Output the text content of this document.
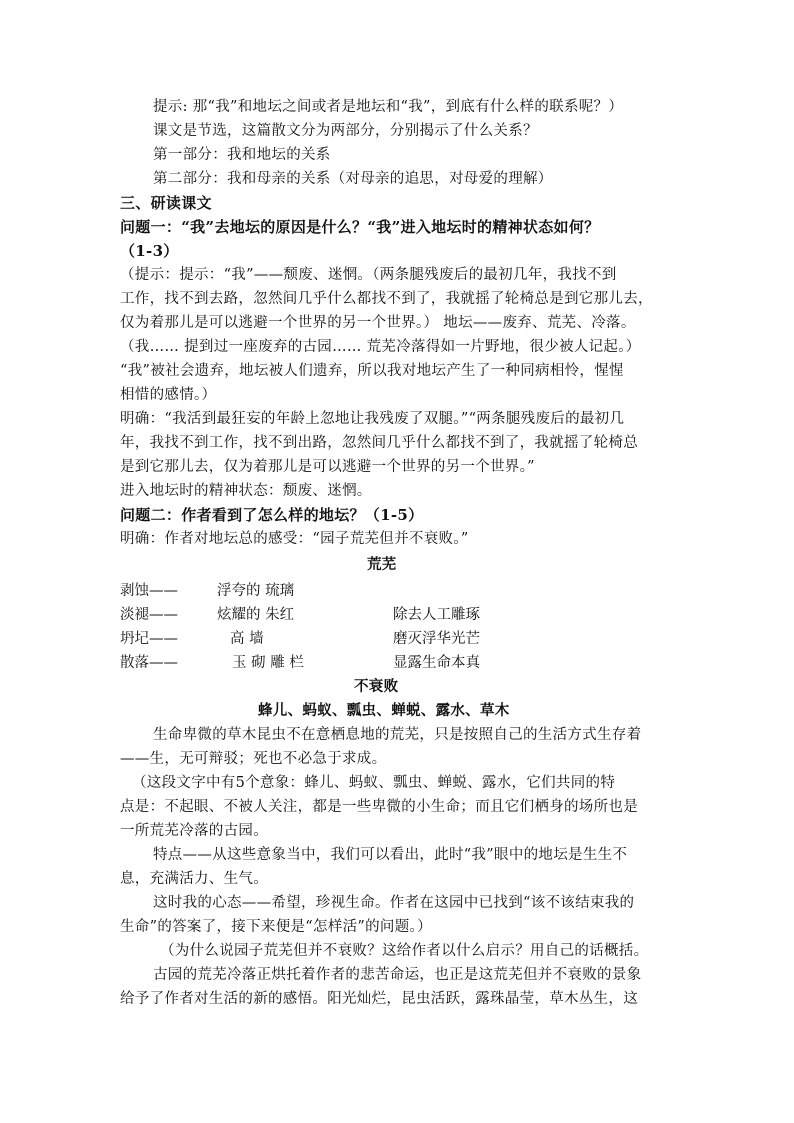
提示: 那“我”和地坛之间或者是地坛和“我”，到底有什么样的联系呢？）
课文是节选，这篇散文分为两部分，分别揭示了什么关系？
第一部分：我和地坛的关系
第二部分：我和母亲的关系（对母亲的追思，对母爱的理解）
三、研读课文
问题一：“我”去地坛的原因是什么？“我”进入地坛时的精神状态如何？
（1-3）
（提示：提示：“我”——颓废、迷惘。（两条腿残废后的最初几年，我找不到
工作，找不到去路，忽然间几乎什么都找不到了，我就摇了轮椅总是到它那儿去，
仅为着那儿是可以逃避一个世界的另一个世界。） 地坛——废弃、荒芜、冷落。
（我…… 提到过一座废弃的古园…… 荒芜冷落得如一片野地，很少被人记起。）
“我”被社会遗弃，地坛被人们遗弃，所以我对地坛产生了一种同病相怜，惺惺
相惜的感情。）
明确：“我活到最狂妄的年龄上忽地让我残废了双腿。”“两条腿残废后的最初几
年，我找不到工作，找不到出路，忽然间几乎什么都找不到了，我就摇了轮椅总
是到它那儿去，仅为着那儿是可以逃避一个世界的另一个世界。”
进入地坛时的精神状态：颓废、迷惘。
问题二：作者看到了怎么样的地坛？（1-5）
明确：作者对地坛总的感受：“园子荒芜但并不衰败。”
荒芜
剥蚀——	浮夸的 琉璃
淡褪——	炫耀的 朱红	除去人工雕琢
坍圮——	高 墙	磨灭浮华光芒
散落——	玉 砌 雕 栏	显露生命本真
不衰败
蜂儿、蚂蚁、瓢虫、蝉蜕、露水、草木
生命卑微的草木昆虫不在意栖息地的荒芜，只是按照自己的生活方式生存着
——生，无可辩驳；死也不必急于求成。
（这段文字中有5个意象：蜂儿、蚂蚁、瓢虫、蝉蜕、露水，它们共同的特
点是：不起眼、不被人关注，都是一些卑微的小生命；而且它们栖身的场所也是
一所荒芜冷落的古园。
特点——从这些意象当中，我们可以看出，此时“我”眼中的地坛是生生不
息，充满活力、生气。
这时我的心态——希望，珍视生命。作者在这园中已找到“该不该结束我的
生命”的答案了，接下来便是“怎样活”的问题。）
（为什么说园子荒芜但并不衰败？这给作者以什么启示？用自己的话概括。
古园的荒芜冷落正烘托着作者的悲苦命运，也正是这荒芜但并不衰败的景象
给予了作者对生活的新的感悟。阳光灿烂，昆虫活跃，露珠晶莹，草木丛生，这
